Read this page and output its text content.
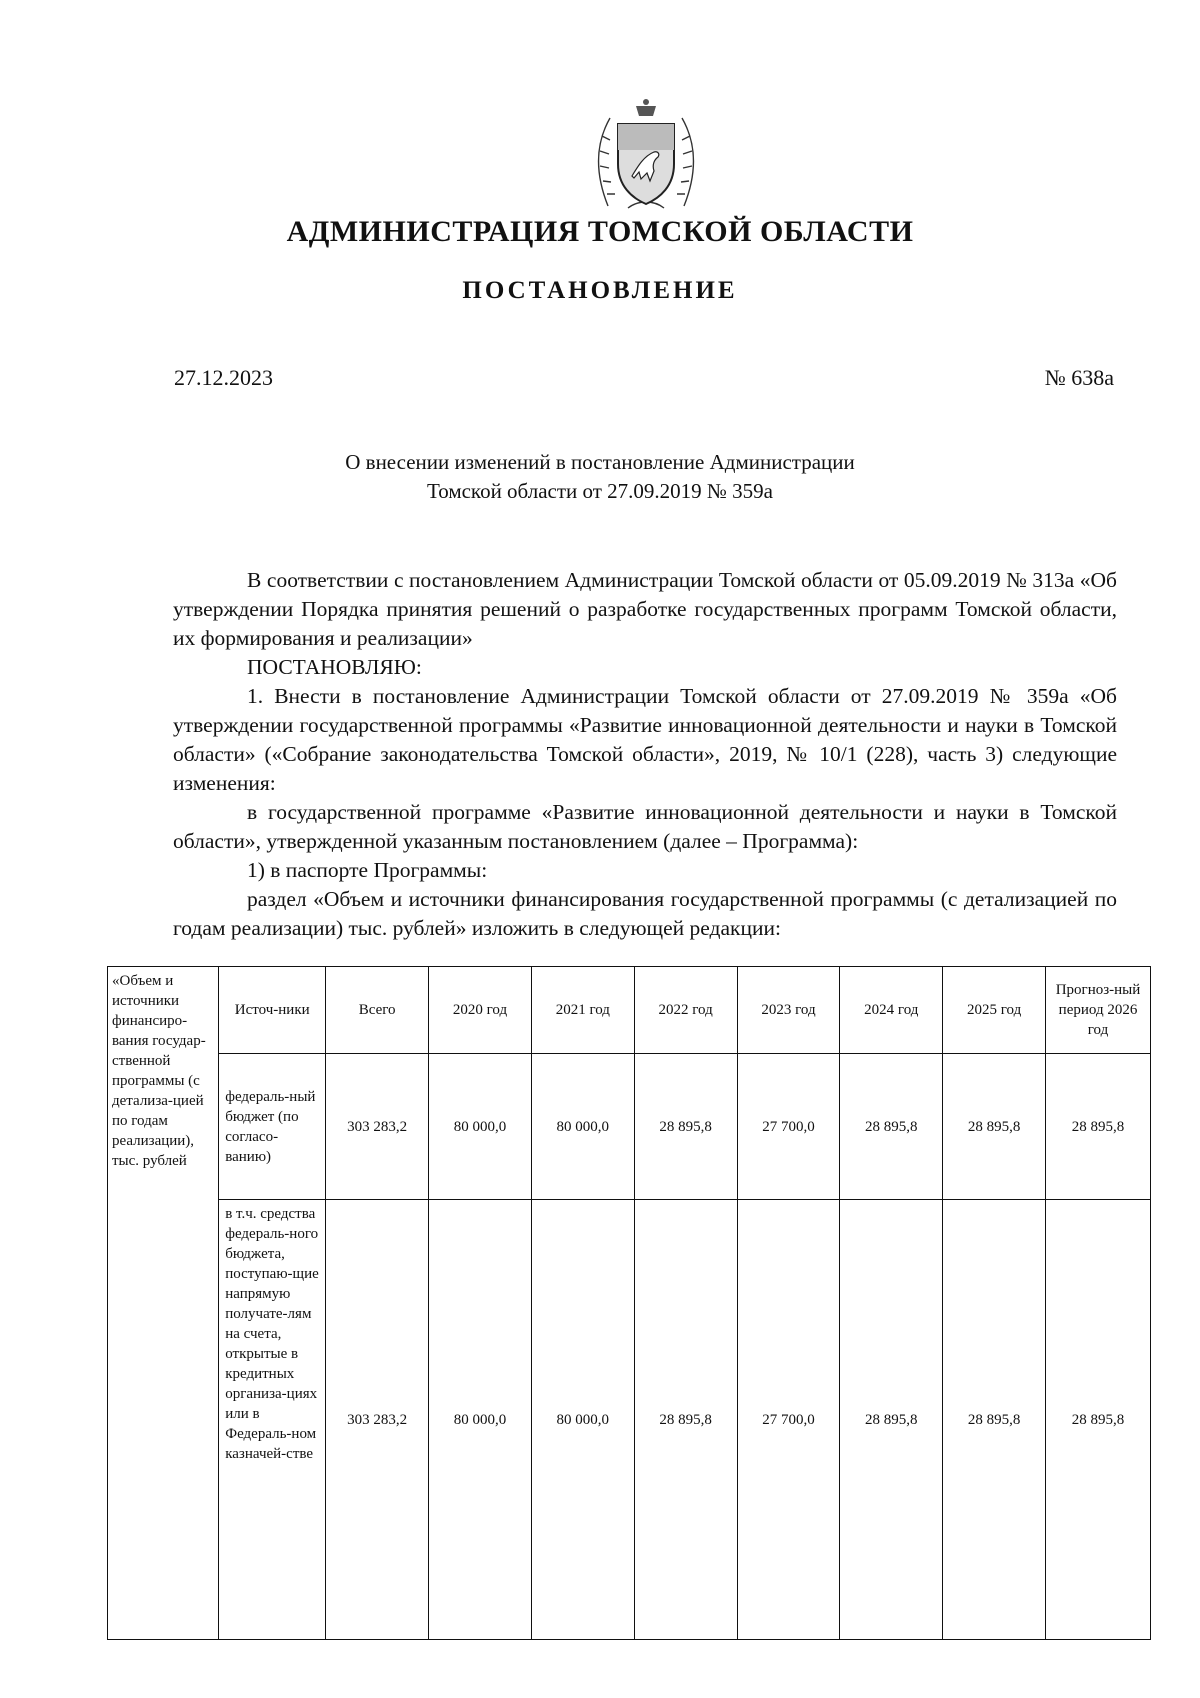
АДМИНИСТРАЦИЯ ТОМСКОЙ ОБЛАСТИ
ПОСТАНОВЛЕНИЕ
27.12.2023	№ 638а
О внесении изменений в постановление Администрации
Томской области от 27.09.2019 № 359а

В соответствии с постановлением Администрации Томской области от 05.09.2019 № 313а «Об утверждении Порядка принятия решений о разработке государственных программ Томской области, их формирования и реализации»

ПОСТАНОВЛЯЮ:

1. Внести в постановление Администрации Томской области от 27.09.2019 № 359а «Об утверждении государственной программы «Развитие инновационной деятельности и науки в Томской области» («Собрание законодательства Томской области», 2019, № 10/1 (228), часть 3) следующие изменения:

в государственной программе «Развитие инновационной деятельности и науки в Томской области», утвержденной указанным постановлением (далее – Программа):

1) в паспорте Программы:

раздел «Объем и источники финансирования государственной программы (с детализацией по годам реализации) тыс. рублей» изложить в следующей редакции:

«Объем и источники финансиро-вания государ-ственной программы (с детализа-цией по годам реализации), тыс. рублей	Источ-ники	Всего	2020 год	2021 год	2022 год	2023 год	2024 год	2025 год	Прогноз-ный период 2026 год
	федераль-ный бюджет (по согласо-ванию)	303 283,2	80 000,0	80 000,0	28 895,8	27 700,0	28 895,8	28 895,8	28 895,8
	в т.ч. средства федераль-ного бюджета, поступаю-щие напрямую получате-лям на счета, открытые в кредитных организа-циях или в Федераль-ном казначей-стве	303 283,2	80 000,0	80 000,0	28 895,8	27 700,0	28 895,8	28 895,8	28 895,8
